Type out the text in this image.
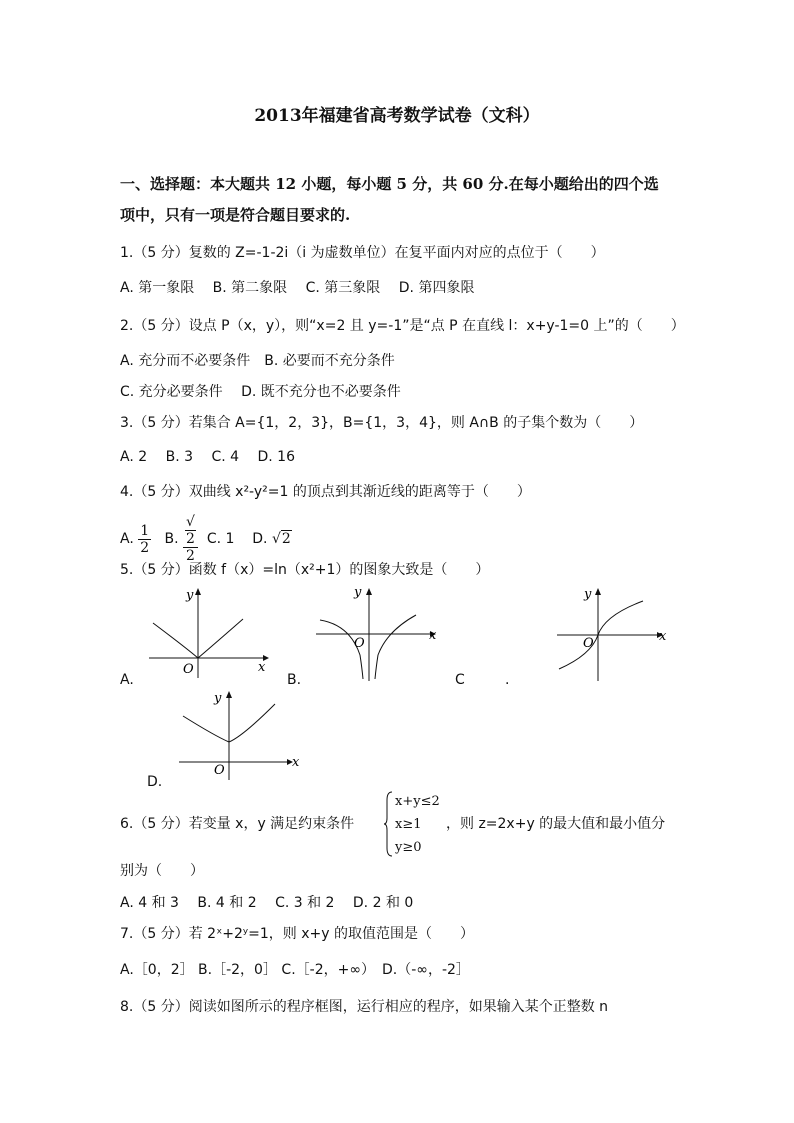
2013年福建省高考数学试卷（文科）
一、选择题：本大题共 12 小题，每小题 5 分，共 60 分.在每小题给出的四个选
项中，只有一项是符合题目要求的.
1.（5 分）复数的 Z=-1-2i（i 为虚数单位）在复平面内对应的点位于（　　）
A. 第一象限　 B. 第二象限　 C. 第三象限　 D. 第四象限
2.（5 分）设点 P（x，y），则“x=2 且 y=-1”是“点 P 在直线 l：x+y-1=0 上”的（　　）
A. 充分而不必要条件　B. 必要而不充分条件
C. 充分必要条件　 D. 既不充分也不必要条件
3.（5 分）若集合 A={1，2，3}，B={1，3，4}，则 A∩B 的子集个数为（　　）
A. 2　 B. 3　 C. 4　 D. 16
4.（5 分）双曲线 x²-y²=1 的顶点到其渐近线的距离等于（　　）
A. $\frac{1}{2} B$. √
2
2 C. 1 D. √2
5.（5 分）函数 f（x）=ln（x²+1）的图象大致是（　　）
x
y
O
A.
x
y
O
B.
x
y
O
C	.
x
y
O
D.
6.（5 分）若变量 x，y 满足约束条件
x+y≤2
x≥1
y≥0
，则 z=2x+y 的最大值和最小值分
别为（　　）
A. 4 和 3　 B. 4 和 2　 C. 3 和 2　 D. 2 和 0
7.（5 分）若 2ˣ+2ʸ=1，则 x+y 的取值范围是（　　）
A.［0，2］ B.［-2，0］ C.［-2，+∞）　D.（-∞，-2］
8.（5 分）阅读如图所示的程序框图，运行相应的程序，如果输入某个正整数 n
